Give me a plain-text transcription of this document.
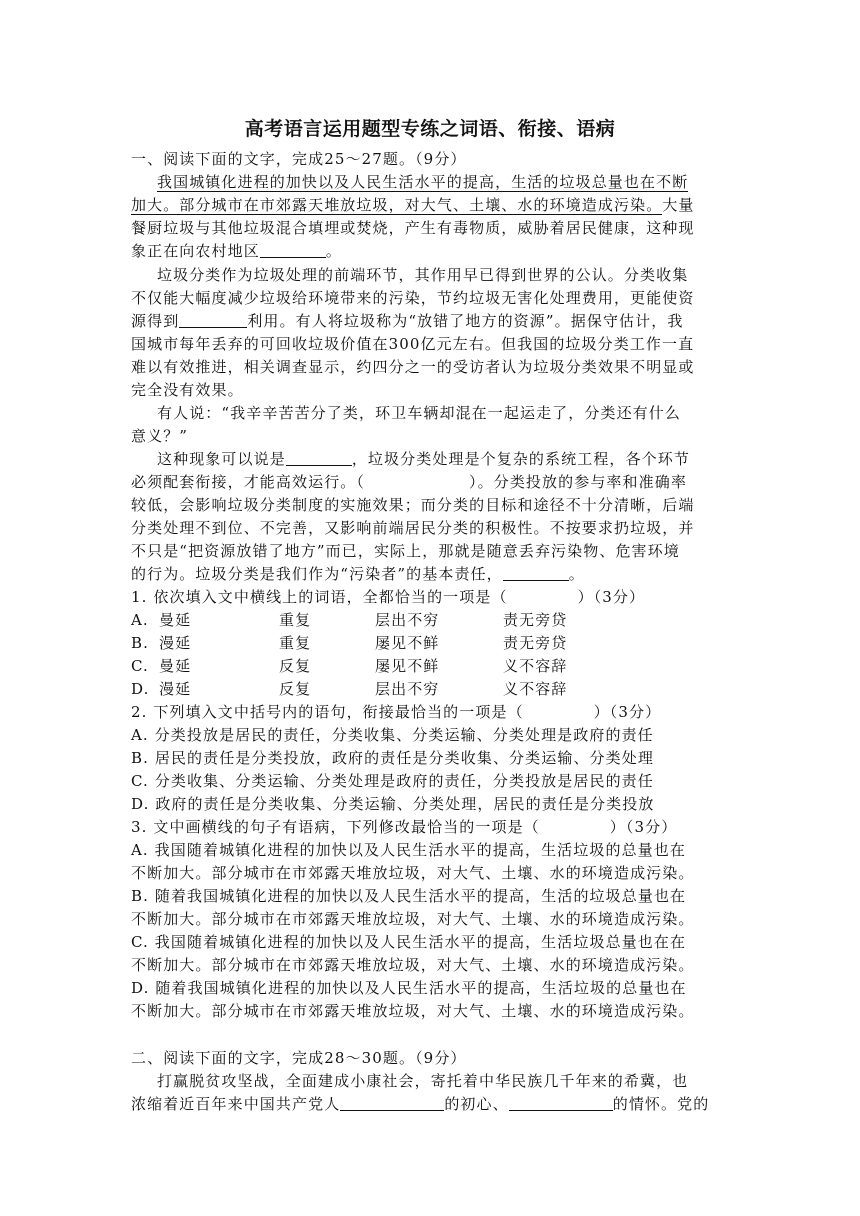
高考语言运用题型专练之词语、衔接、语病
一、阅读下面的文字，完成25～27题。（9分）
我国城镇化进程的加快以及人民生活水平的提高，生活的垃圾总量也在不断
加大。部分城市在市郊露天堆放垃圾，对大气、土壤、水的环境造成污染。大量
餐厨垃圾与其他垃圾混合填埋或焚烧，产生有毒物质，威胁着居民健康，这种现
象正在向农村地区	。
垃圾分类作为垃圾处理的前端环节，其作用早已得到世界的公认。分类收集
不仅能大幅度减少垃圾给环境带来的污染，节约垃圾无害化处理费用，更能使资
源得到	利用。有人将垃圾称为“放错了地方的资源”。据保守估计，我
国城市每年丢弃的可回收垃圾价值在300亿元左右。但我国的垃圾分类工作一直
难以有效推进，相关调查显示，约四分之一的受访者认为垃圾分类效果不明显或
完全没有效果。
有人说：“我辛辛苦苦分了类，环卫车辆却混在一起运走了，分类还有什么
意义？”
这种现象可以说是	，垃圾分类处理是个复杂的系统工程，各个环节
必须配套衔接，才能高效运行。（	）。分类投放的参与率和准确率
较低，会影响垃圾分类制度的实施效果；而分类的目标和途径不十分清晰，后端
分类处理不到位、不完善，又影响前端居民分类的积极性。不按要求扔垃圾，并
不只是“把资源放错了地方”而已，实际上，那就是随意丢弃污染物、危害环境
的行为。垃圾分类是我们作为“污染者”的基本责任，	。
1. 依次填入文中横线上的词语，全都恰当的一项是（	）（3分）
A. 曼延	重复	层出不穷	责无旁贷
B. 漫延	重复	屡见不鲜	责无旁贷
C. 曼延	反复	屡见不鲜	义不容辞
D. 漫延	反复	层出不穷	义不容辞
2. 下列填入文中括号内的语句，衔接最恰当的一项是（	）（3分）
A. 分类投放是居民的责任，分类收集、分类运输、分类处理是政府的责任
B. 居民的责任是分类投放，政府的责任是分类收集、分类运输、分类处理
C. 分类收集、分类运输、分类处理是政府的责任，分类投放是居民的责任
D. 政府的责任是分类收集、分类运输、分类处理，居民的责任是分类投放
3. 文中画横线的句子有语病，下列修改最恰当的一项是（	）（3分）
A. 我国随着城镇化进程的加快以及人民生活水平的提高，生活垃圾的总量也在
不断加大。部分城市在市郊露天堆放垃圾，对大气、土壤、水的环境造成污染。
B. 随着我国城镇化进程的加快以及人民生活水平的提高，生活的垃圾总量也在
不断加大。部分城市在市郊露天堆放垃圾，对大气、土壤、水的环境造成污染。
C. 我国随着城镇化进程的加快以及人民生活水平的提高，生活垃圾总量也在在
不断加大。部分城市在市郊露天堆放垃圾，对大气、土壤、水的环境造成污染。
D. 随着我国城镇化进程的加快以及人民生活水平的提高，生活垃圾的总量也在
不断加大。部分城市在市郊露天堆放垃圾，对大气、土壤、水的环境造成污染。
二、阅读下面的文字，完成28～30题。（9分）
打赢脱贫攻坚战，全面建成小康社会，寄托着中华民族几千年来的希冀，也
浓缩着近百年来中国共产党人	的初心、	的情怀。党的
